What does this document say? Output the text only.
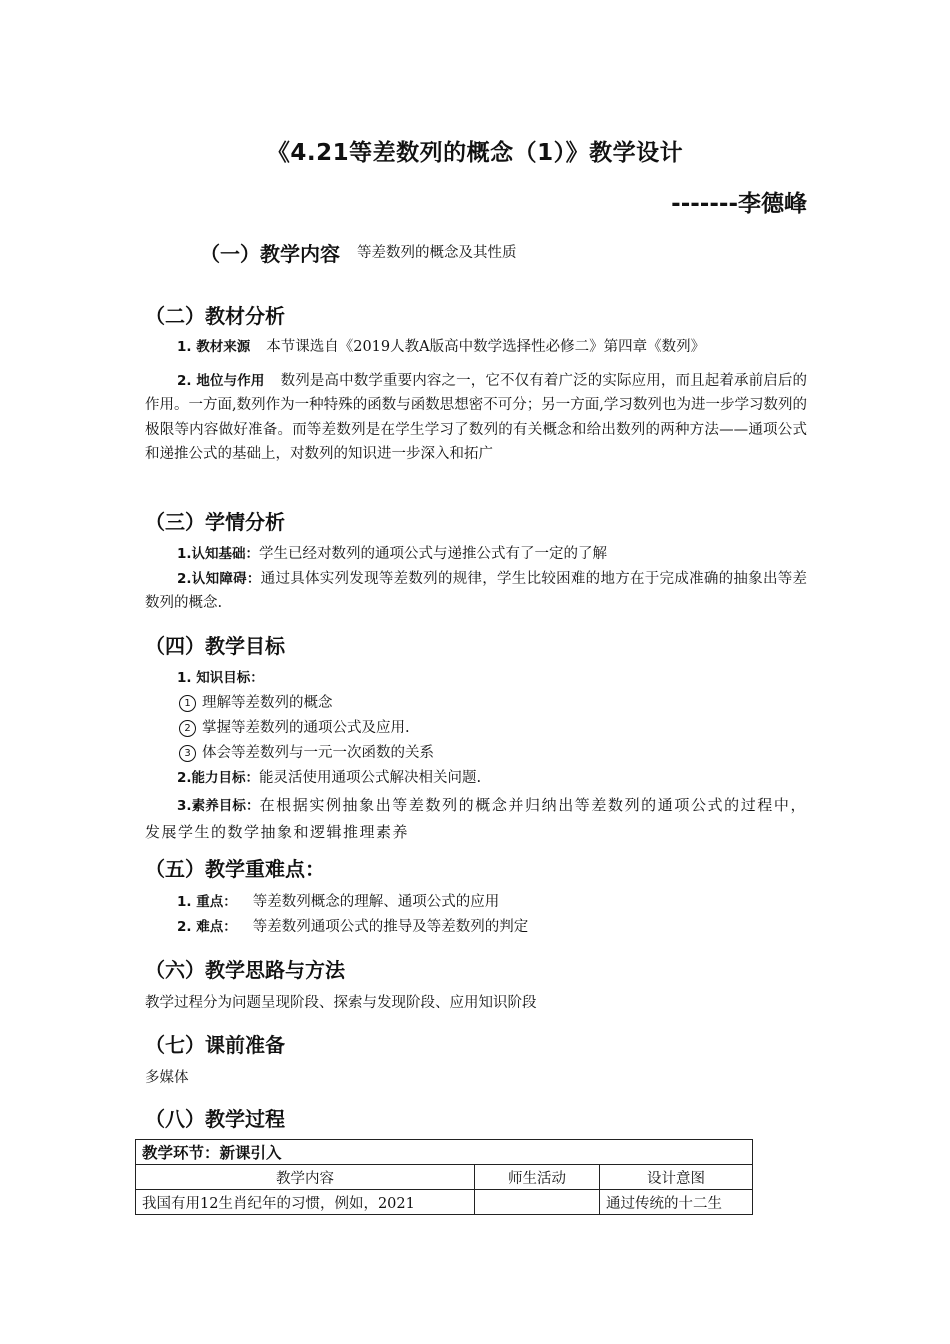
《4.21等差数列的概念（1）》教学设计
-------李德峰
（一）教学内容 等差数列的概念及其性质
（二）教材分析
1. 教材来源 本节课选自《2019人教A版高中数学选择性必修二》第四章《数列》
2. 地位与作用 数列是高中数学重要内容之一，它不仅有着广泛的实际应用，而且起着承前启后的作用。一方面,数列作为一种特殊的函数与函数思想密不可分；另一方面,学习数列也为进一步学习数列的极限等内容做好准备。而等差数列是在学生学习了数列的有关概念和给出数列的两种方法——通项公式和递推公式的基础上，对数列的知识进一步深入和拓广
（三）学情分析
1.认知基础：学生已经对数列的通项公式与递推公式有了一定的了解
2.认知障碍：通过具体实列发现等差数列的规律，学生比较困难的地方在于完成准确的抽象出等差数列的概念.
（四）教学目标
1. 知识目标：
1 理解等差数列的概念
2 掌握等差数列的通项公式及应用.
3 体会等差数列与一元一次函数的关系
2.能力目标：能灵活使用通项公式解决相关问题.
3.素养目标：在根据实例抽象出等差数列的概念并归纳出等差数列的通项公式的过程中，发展学生的数学抽象和逻辑推理素养
（五）教学重难点：
1. 重点： 等差数列概念的理解、通项公式的应用
2. 难点： 等差数列通项公式的推导及等差数列的判定
（六）教学思路与方法
教学过程分为问题呈现阶段、探索与发现阶段、应用知识阶段
（七）课前准备
多媒体
（八）教学过程
教学环节：新课引入		
教学内容	师生活动	设计意图
我国有用12生肖纪年的习惯，例如，2021		通过传统的十二生
